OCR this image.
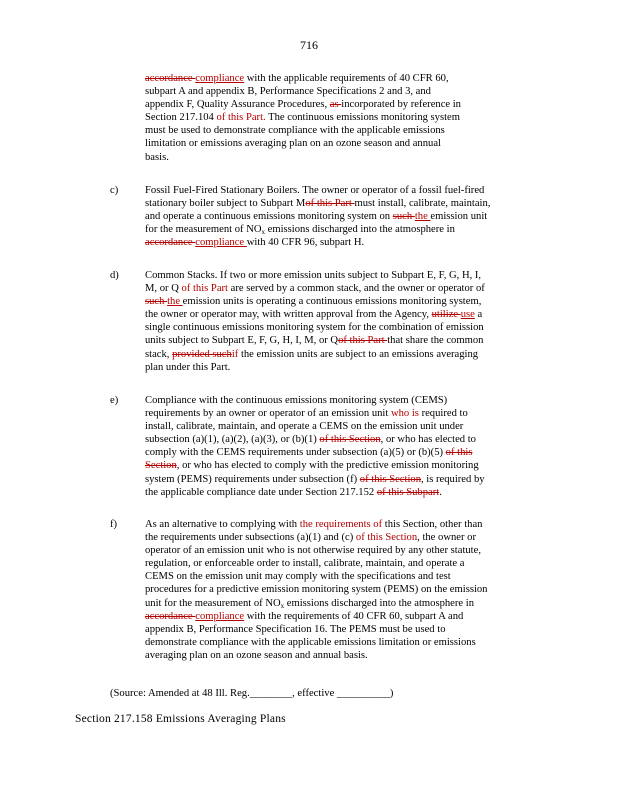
716
accordance compliance with the applicable requirements of 40 CFR 60,
subpart A and appendix B, Performance Specifications 2 and 3, and
appendix F, Quality Assurance Procedures, as incorporated by reference in
Section 217.104 of this Part. The continuous emissions monitoring system
must be used to demonstrate compliance with the applicable emissions
limitation or emissions averaging plan on an ozone season and annual
basis.
c)	Fossil Fuel-Fired Stationary Boilers. The owner or operator of a fossil fuel-fired
stationary boiler subject to Subpart Mof this Part must install, calibrate, maintain,
and operate a continuous emissions monitoring system on such the emission unit
for the measurement of $NO_x$ emissions discharged into the atmosphere in
accordance compliance with 40 CFR 96, subpart H.
d) Common Stacks. If two or more emission units subject to Subpart E, F, G, H, I,
M, or Q of this Part are served by a common stack, and the owner or operator of
such the emission units is operating a continuous emissions monitoring system,
the owner or operator may, with written approval from the Agency, utilize use a
single continuous emissions monitoring system for the combination of emission
units subject to Subpart E, F, G, H, I, M, or Qof this Part that share the common
stack, provided suchif the emission units are subject to an emissions averaging
plan under this Part.
e)	Compliance with the continuous emissions monitoring system (CEMS)
requirements by an owner or operator of an emission unit who is required to
install, calibrate, maintain, and operate a CEMS on the emission unit under
subsection (a)(1), (a)(2), (a)(3), or (b)(1) of this Section, or who has elected to
comply with the CEMS requirements under subsection (a)(5) or (b)(5) of this
Section, or who has elected to comply with the predictive emission monitoring
system (PEMS) requirements under subsection (f) of this Section, is required by
the applicable compliance date under Section 217.152 of this Subpart.
f)	As an alternative to complying with the requirements of this Section, other than
the requirements under subsections (a)(1) and (c) of this Section, the owner or
operator of an emission unit who is not otherwise required by any other statute,
regulation, or enforceable order to install, calibrate, maintain, and operate a
CEMS on the emission unit may comply with the specifications and test
procedures for a predictive emission monitoring system (PEMS) on the emission
unit for the measurement of $NO_x$ emissions discharged into the atmosphere in
accordance compliance with the requirements of 40 CFR 60, subpart A and
appendix B, Performance Specification 16. The PEMS must be used to
demonstrate compliance with the applicable emissions limitation or emissions
averaging plan on an ozone season and annual basis.
(Source: Amended at 48 Ill. Reg.________, effective __________)
Section 217.158 Emissions Averaging Plans
